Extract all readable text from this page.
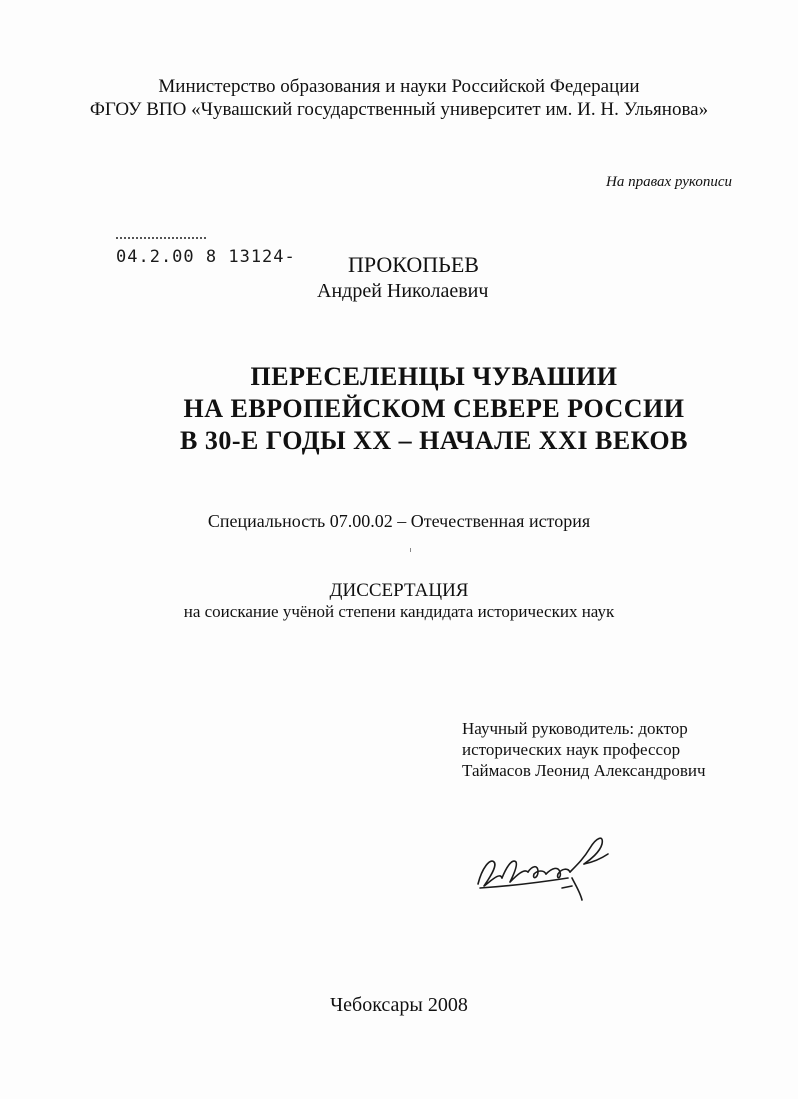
Министерство образования и науки Российской Федерации
ФГОУ ВПО «Чувашский государственный университет им. И. Н. Ульянова»
На правах рукописи
04.2.00 8 13124- ПРОКОПЬЕВ
Андрей Николаевич
ПЕРЕСЕЛЕНЦЫ ЧУВАШИИ
НА ЕВРОПЕЙСКОМ СЕВЕРЕ РОССИИ
В 30-Е ГОДЫ XX – НАЧАЛЕ XXI ВЕКОВ
Специальность 07.00.02 – Отечественная история
ДИССЕРТАЦИЯ
на соискание учёной степени кандидата исторических наук
Научный руководитель: доктор
исторических наук профессор
Таймасов Леонид Александрович
Чебоксары 2008
